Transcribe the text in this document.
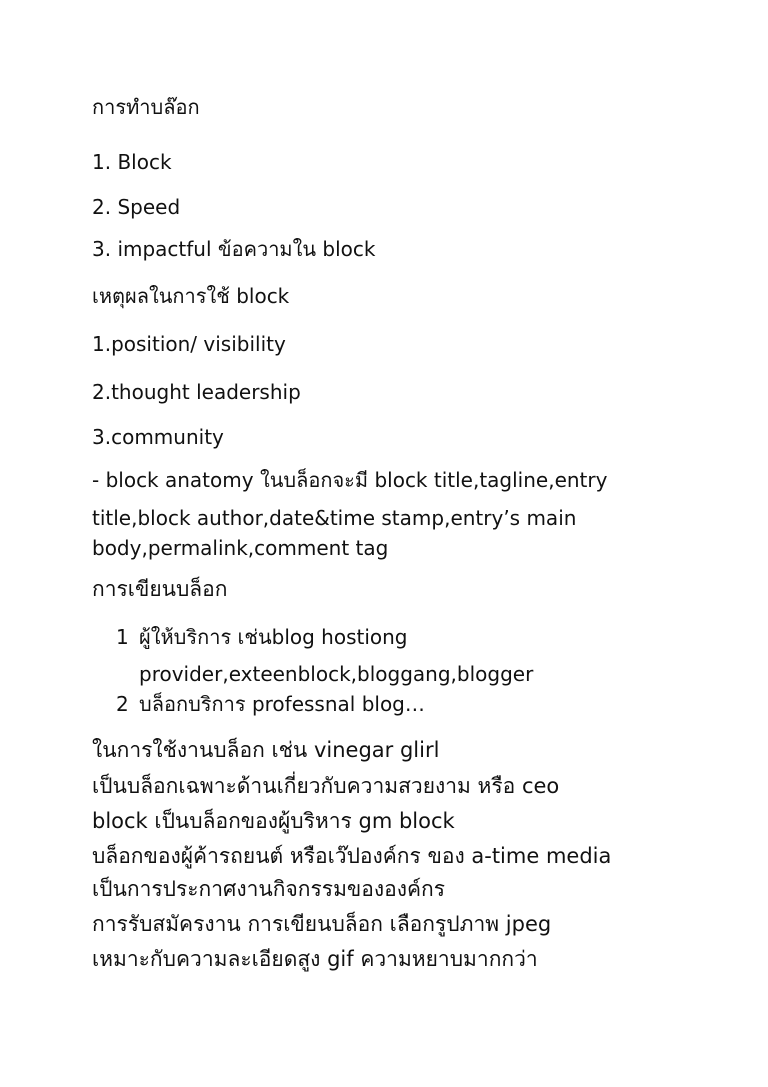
การทำบล๊อก
1. Block
2. Speed
3. impactful ข้อความใน block
เหตุผลในการใช้ block
1.position/ visibility
2.thought leadership
3.community
- block anatomy ในบล็อกจะมี block title,tagline,entry
title,block author,date&time stamp,entry’s main
body,permalink,comment tag
การเขียนบล็อก
1 ผู้ให้บริการ เช่นblog hostiong
provider,exteenblock,bloggang,blogger
2 บล็อกบริการ professnal blog…
ในการใช้งานบล็อก เช่น vinegar glirl
เป็นบล็อกเฉพาะด้านเกี่ยวกับความสวยงาม หรือ ceo
block เป็นบล็อกของผู้บริหาร gm block
บล็อกของผู้ค้ารถยนต์ หรือเว๊ปองค์กร ของ a-time media
เป็นการประกาศงานกิจกรรมขององค์กร
การรับสมัครงาน การเขียนบล็อก เลือกรูปภาพ jpeg
เหมาะกับความละเอียดสูง gif ความหยาบมากกว่า
